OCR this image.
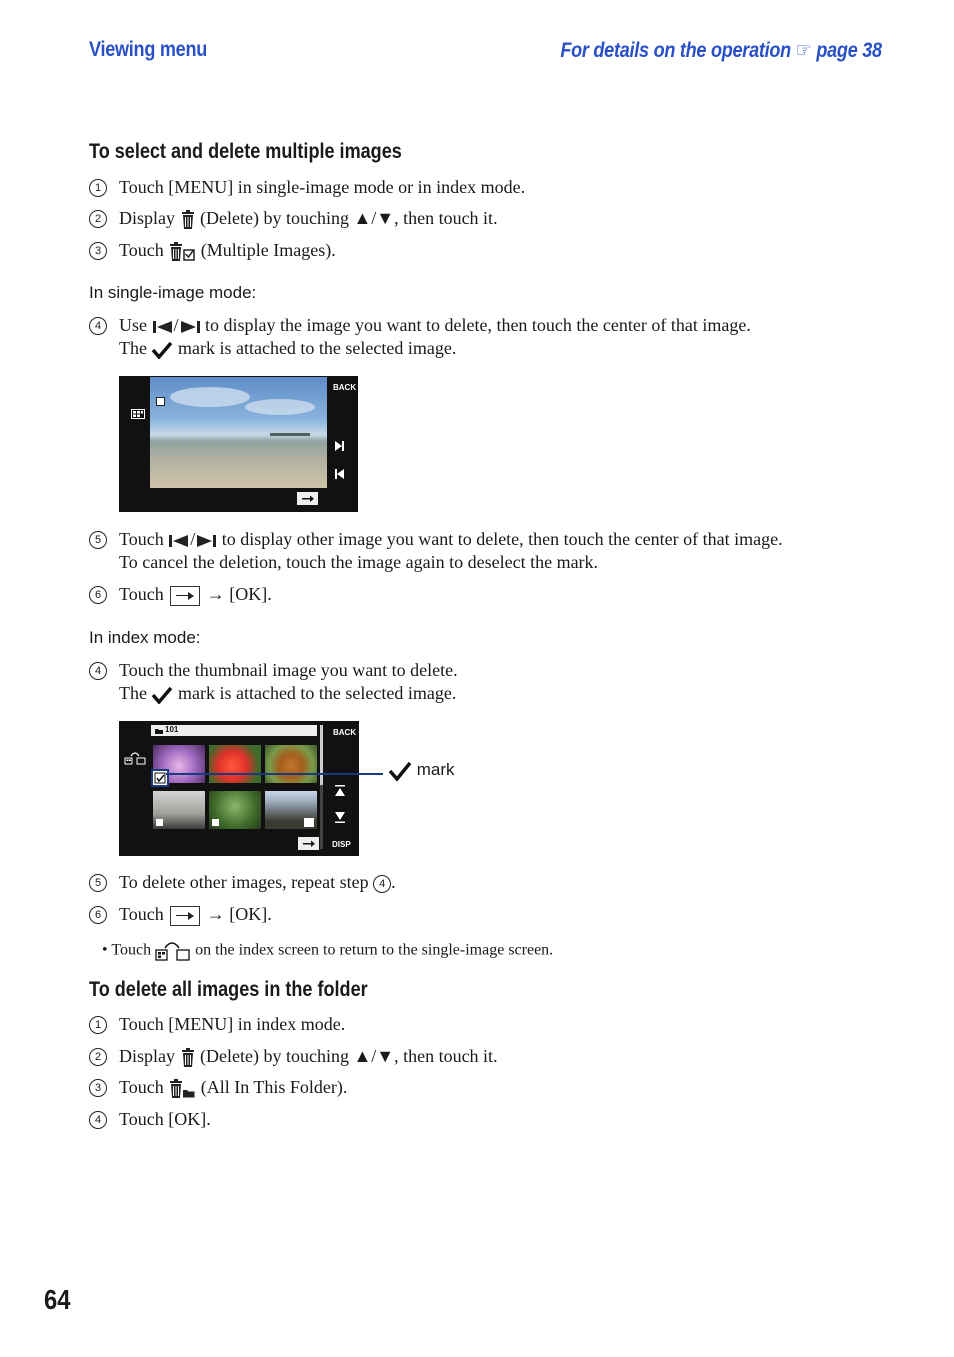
Viewing menu	For details on the operation ☞ page 38
To select and delete multiple images
1 Touch [MENU] in single-image mode or in index mode.
2 Display (Delete) by touching ▲/▼, then touch it.
3 Touch (Multiple Images).
In single-image mode:
4 Use / to display the image you want to delete, then touch the center of that image.
The mark is attached to the selected image.
BACK
5 Touch / to display other image you want to delete, then touch the center of that image.
To cancel the deletion, touch the image again to deselect the mark.
6 Touch → [OK].
In index mode:
4 Touch the thumbnail image you want to delete.
The mark is attached to the selected image.
101	BACK
DISP
mark
5 To delete other images, repeat step 4 .
6 Touch → [OK].
• Touch	on the index screen to return to the single-image screen.
To delete all images in the folder
1 Touch [MENU] in index mode.
2 Display (Delete) by touching ▲/▼, then touch it.
3 Touch (All In This Folder).
4 Touch [OK].
64
